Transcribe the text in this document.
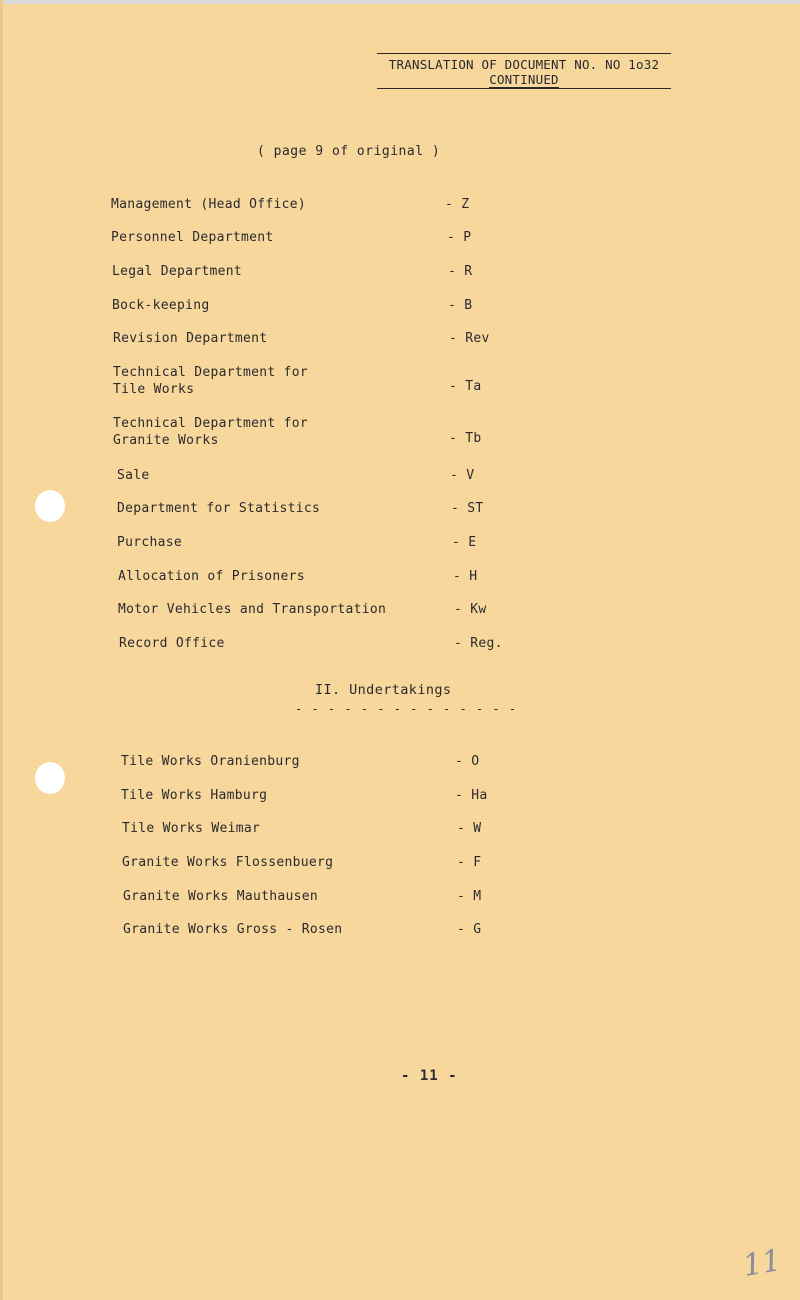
TRANSLATION OF DOCUMENT NO. NO 1o32
CONTINUED
( page 9 of original )
Management (Head Office)	- Z
Personnel Department	- P
Legal Department	- R
Bock-keeping	- B
Revision Department	- Rev
Technical Department for
Tile Works	- Ta
Technical Department for
Granite Works	- Tb
Sale	- V
Department for Statistics	- ST
Purchase	- E
Allocation of Prisoners	- H
Motor Vehicles and Transportation	- Kw
Record Office	- Reg.
II. Undertakings
- - - - - - - - - - - - - -
Tile Works Oranienburg	- O
Tile Works Hamburg	- Ha
Tile Works Weimar	- W
Granite Works Flossenbuerg	- F
Granite Works Mauthausen	- M
Granite Works Gross - Rosen	- G
- 11 -
11
